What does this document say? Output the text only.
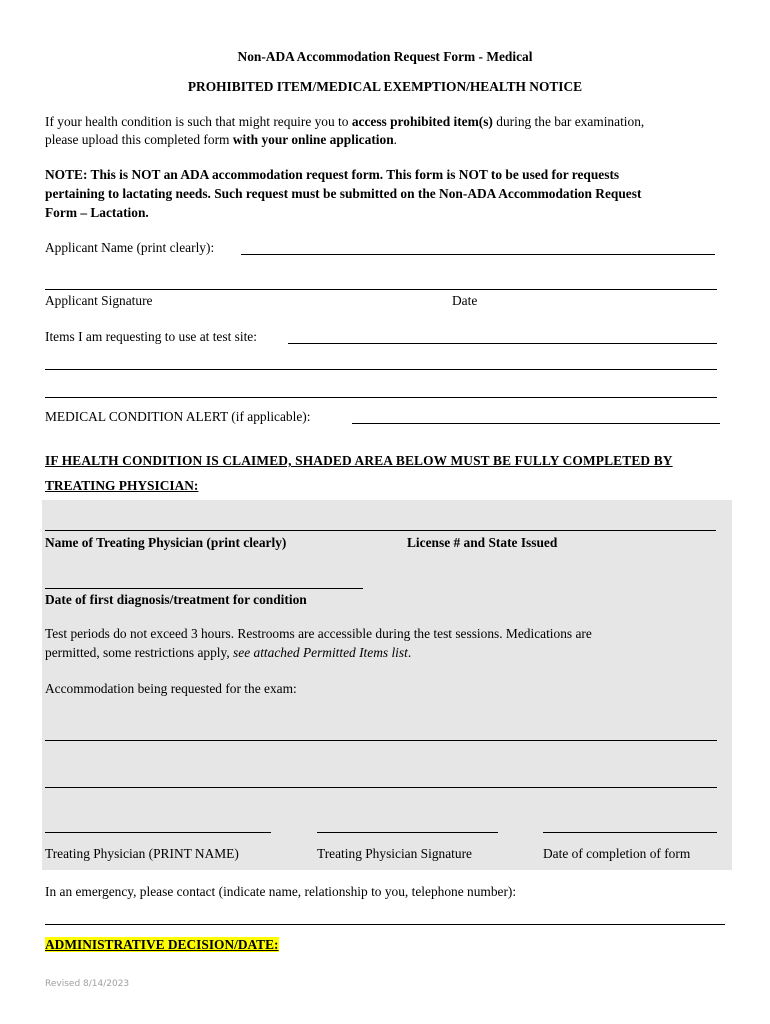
Non-ADA Accommodation Request Form - Medical
PROHIBITED ITEM/MEDICAL EXEMPTION/HEALTH NOTICE
If your health condition is such that might require you to access prohibited item(s) during the bar examination,
please upload this completed form with your online application.
NOTE: This is NOT an ADA accommodation request form. This form is NOT to be used for requests
pertaining to lactating needs. Such request must be submitted on the Non-ADA Accommodation Request
Form – Lactation.
Applicant Name (print clearly):
Applicant Signature	Date
Items I am requesting to use at test site:
MEDICAL CONDITION ALERT (if applicable):
IF HEALTH CONDITION IS CLAIMED, SHADED AREA BELOW MUST BE FULLY COMPLETED BY
TREATING PHYSICIAN:
Name of Treating Physician (print clearly)	License # and State Issued
Date of first diagnosis/treatment for condition
Test periods do not exceed 3 hours. Restrooms are accessible during the test sessions. Medications are
permitted, some restrictions apply, see attached Permitted Items list.
Accommodation being requested for the exam:
Treating Physician (PRINT NAME)	Treating Physician Signature	Date of completion of form
In an emergency, please contact (indicate name, relationship to you, telephone number):
ADMINISTRATIVE DECISION/DATE:
Revised 8/14/2023
